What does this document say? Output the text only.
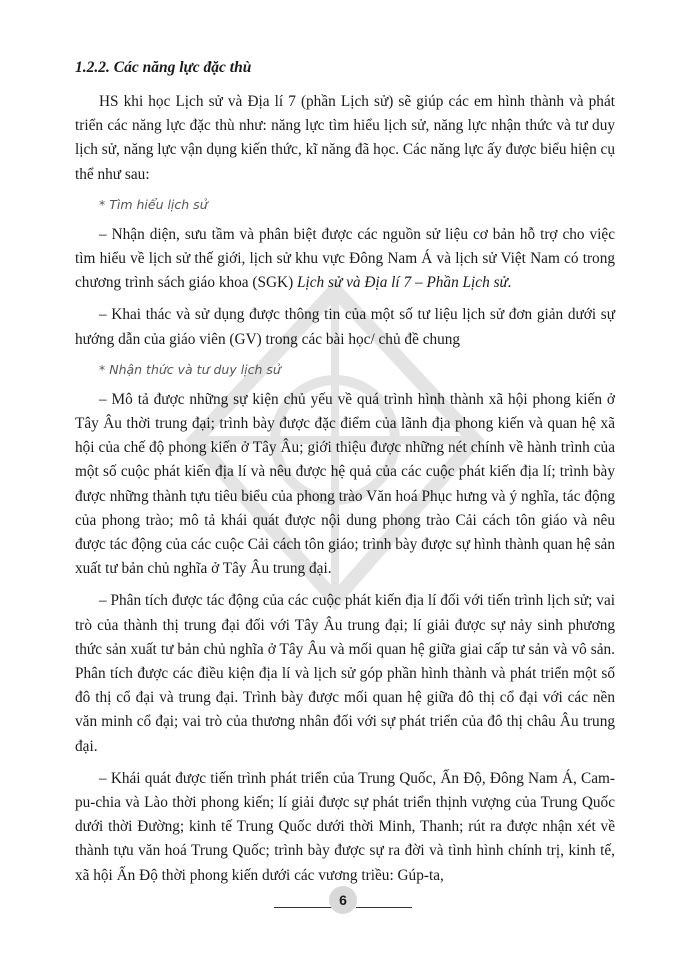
1.2.2. Các năng lực đặc thù

HS khi học Lịch sử và Địa lí 7 (phần Lịch sử) sẽ giúp các em hình thành và phát triển các năng lực đặc thù như: năng lực tìm hiểu lịch sử, năng lực nhận thức và tư duy lịch sử, năng lực vận dụng kiến thức, kĩ năng đã học. Các năng lực ấy được biểu hiện cụ thể như sau:

* Tìm hiểu lịch sử

– Nhận diện, sưu tầm và phân biệt được các nguồn sử liệu cơ bản hỗ trợ cho việc tìm hiểu về lịch sử thế giới, lịch sử khu vực Đông Nam Á và lịch sử Việt Nam có trong chương trình sách giáo khoa (SGK) Lịch sử và Địa lí 7 – Phần Lịch sử.

– Khai thác và sử dụng được thông tin của một số tư liệu lịch sử đơn giản dưới sự hướng dẫn của giáo viên (GV) trong các bài học/ chủ đề chung

* Nhận thức và tư duy lịch sử

– Mô tả được những sự kiện chủ yếu về quá trình hình thành xã hội phong kiến ở Tây Âu thời trung đại; trình bày được đặc điểm của lãnh địa phong kiến và quan hệ xã hội của chế độ phong kiến ở Tây Âu; giới thiệu được những nét chính về hành trình của một số cuộc phát kiến địa lí và nêu được hệ quả của các cuộc phát kiến địa lí; trình bày được những thành tựu tiêu biểu của phong trào Văn hoá Phục hưng và ý nghĩa, tác động của phong trào; mô tả khái quát được nội dung phong trào Cải cách tôn giáo và nêu được tác động của các cuộc Cải cách tôn giáo; trình bày được sự hình thành quan hệ sản xuất tư bản chủ nghĩa ở Tây Âu trung đại.

– Phân tích được tác động của các cuộc phát kiến địa lí đối với tiến trình lịch sử; vai trò của thành thị trung đại đối với Tây Âu trung đại; lí giải được sự nảy sinh phương thức sản xuất tư bản chủ nghĩa ở Tây Âu và mối quan hệ giữa giai cấp tư sản và vô sản. Phân tích được các điều kiện địa lí và lịch sử góp phần hình thành và phát triển một số đô thị cổ đại và trung đại. Trình bày được mối quan hệ giữa đô thị cổ đại với các nền văn minh cổ đại; vai trò của thương nhân đối với sự phát triển của đô thị châu Âu trung đại.

– Khái quát được tiến trình phát triển của Trung Quốc, Ấn Độ, Đông Nam Á, Cam-pu-chia và Lào thời phong kiến; lí giải được sự phát triển thịnh vượng của Trung Quốc dưới thời Đường; kinh tế Trung Quốc dưới thời Minh, Thanh; rút ra được nhận xét về thành tựu văn hoá Trung Quốc; trình bày được sự ra đời và tình hình chính trị, kinh tế, xã hội Ấn Độ thời phong kiến dưới các vương triều: Gúp-ta,

6
